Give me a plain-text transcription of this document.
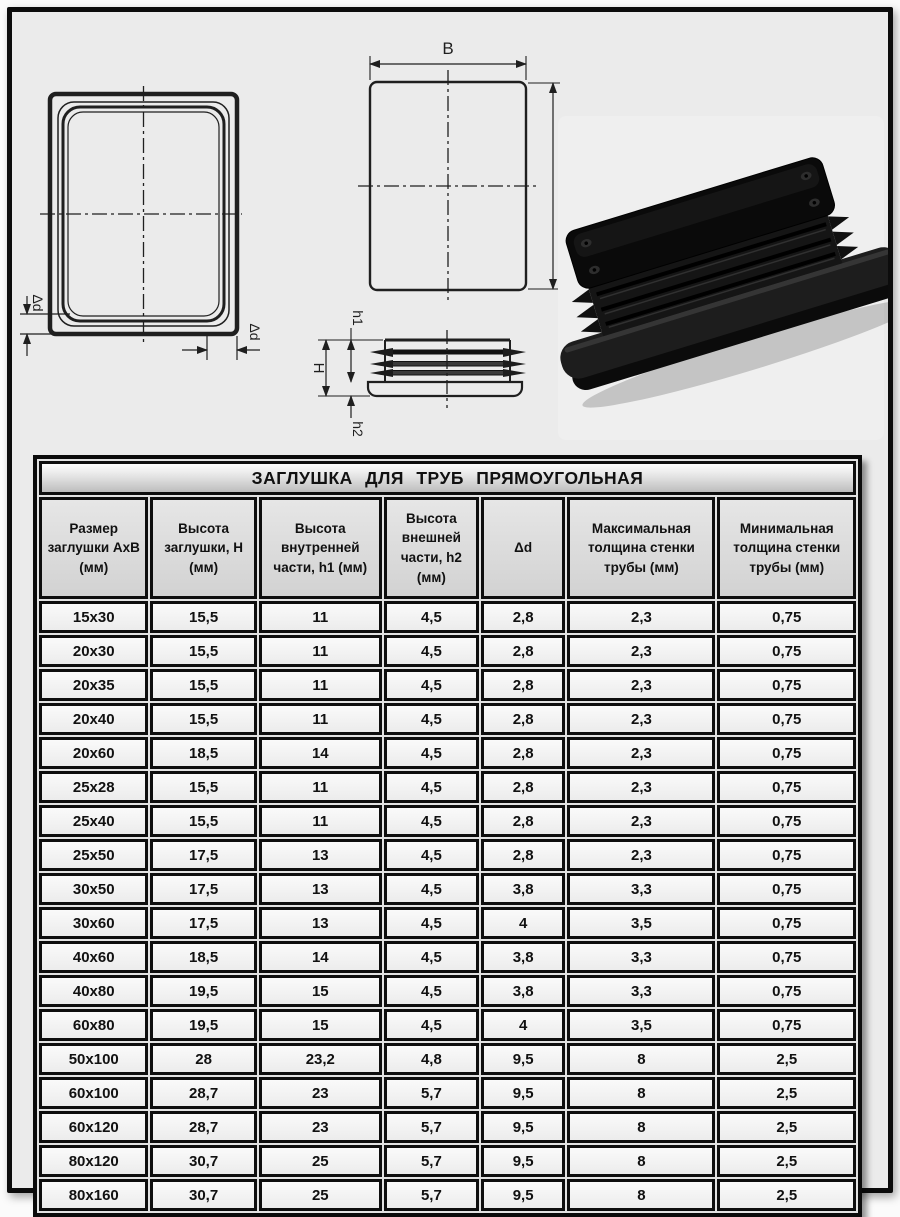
Δd
Δd
B
H
h1
h2
ЗАГЛУШКА ДЛЯ ТРУБ ПРЯМОУГОЛЬНАЯ						
Размер заглушки АхВ (мм)	Высота заглушки, Н (мм)	Высота внутренней части, h1 (мм)	Высота внешней части, h2 (мм)	Δd	Максимальная толщина стенки трубы (мм)	Минимальная толщина стенки трубы (мм)
15х30	15,5	11	4,5	2,8	2,3	0,75
20х30	15,5	11	4,5	2,8	2,3	0,75
20х35	15,5	11	4,5	2,8	2,3	0,75
20х40	15,5	11	4,5	2,8	2,3	0,75
20х60	18,5	14	4,5	2,8	2,3	0,75
25х28	15,5	11	4,5	2,8	2,3	0,75
25х40	15,5	11	4,5	2,8	2,3	0,75
25х50	17,5	13	4,5	2,8	2,3	0,75
30х50	17,5	13	4,5	3,8	3,3	0,75
30х60	17,5	13	4,5	4	3,5	0,75
40х60	18,5	14	4,5	3,8	3,3	0,75
40х80	19,5	15	4,5	3,8	3,3	0,75
60х80	19,5	15	4,5	4	3,5	0,75
50х100	28	23,2	4,8	9,5	8	2,5
60х100	28,7	23	5,7	9,5	8	2,5
60х120	28,7	23	5,7	9,5	8	2,5
80х120	30,7	25	5,7	9,5	8	2,5
80х160	30,7	25	5,7	9,5	8	2,5
